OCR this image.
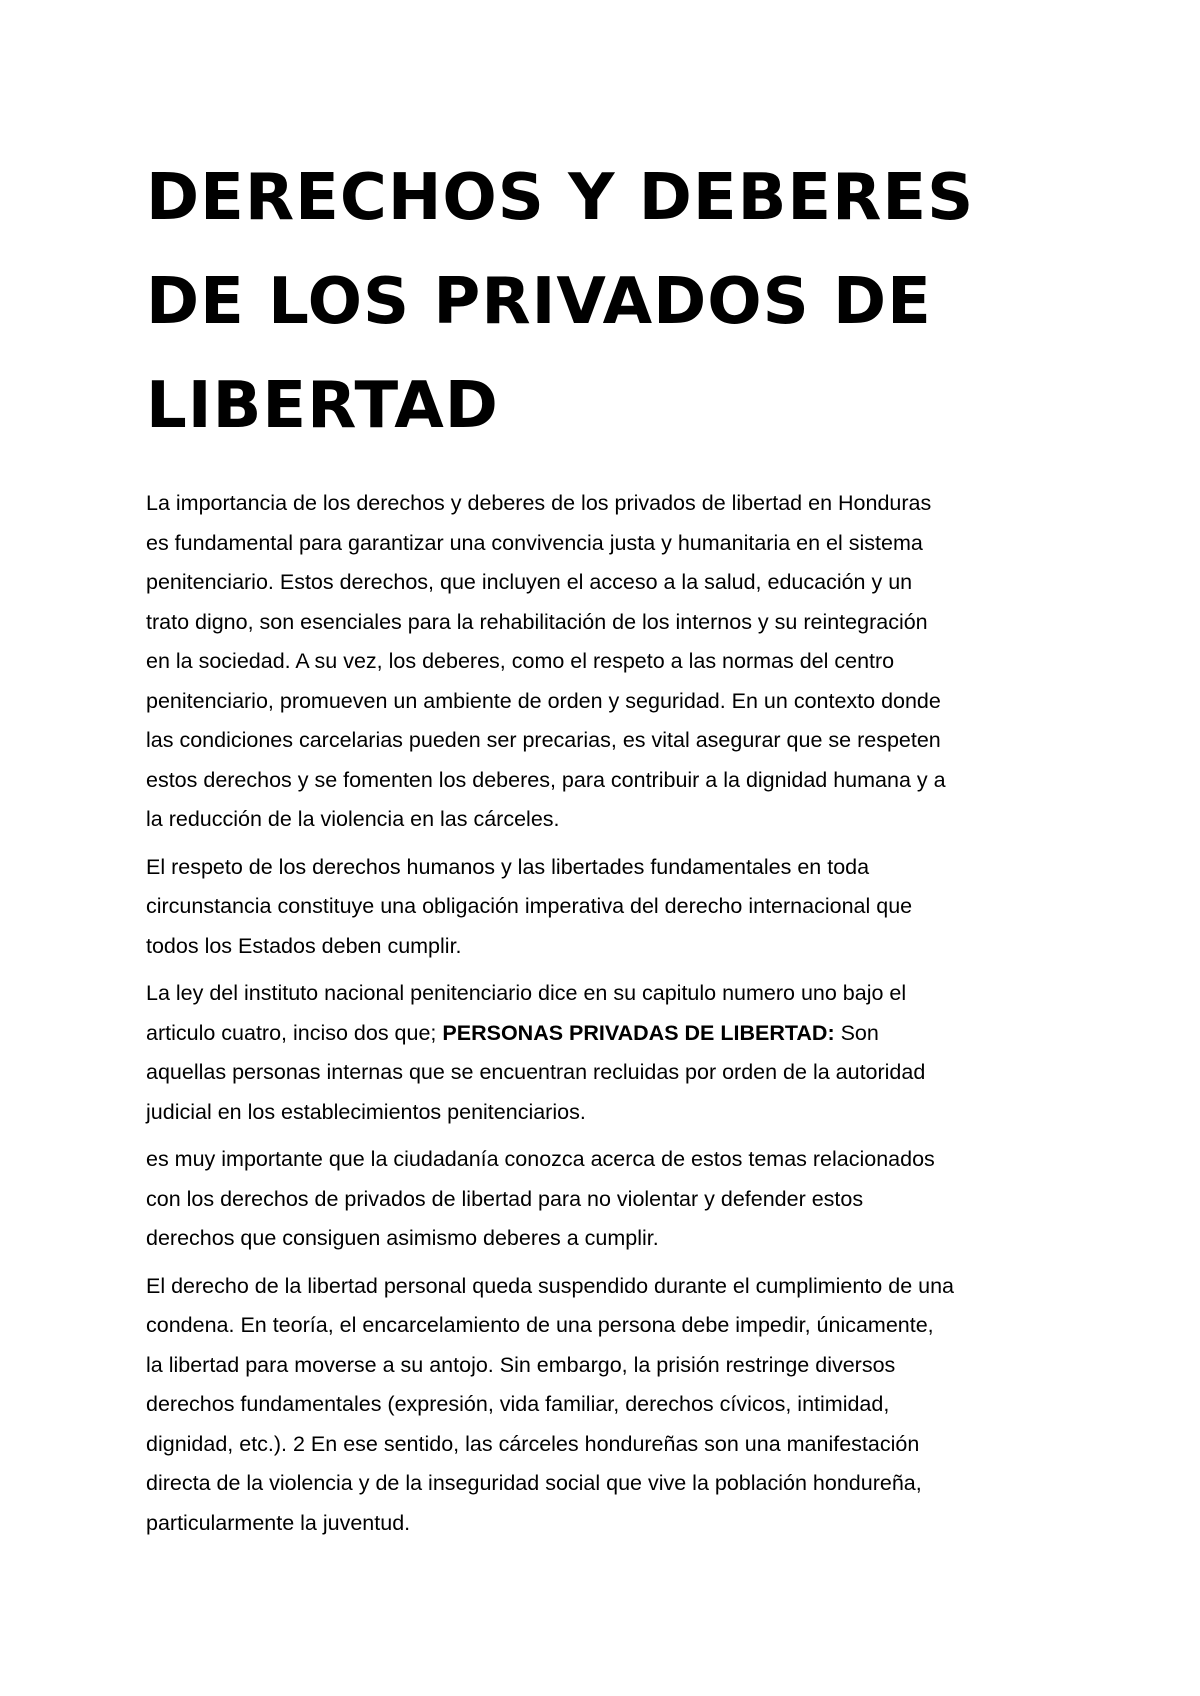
DERECHOS Y DEBERES
DE LOS PRIVADOS DE
LIBERTAD

La importancia de los derechos y deberes de los privados de libertad en Honduras
es fundamental para garantizar una convivencia justa y humanitaria en el sistema
penitenciario. Estos derechos, que incluyen el acceso a la salud, educación y un
trato digno, son esenciales para la rehabilitación de los internos y su reintegración
en la sociedad. A su vez, los deberes, como el respeto a las normas del centro
penitenciario, promueven un ambiente de orden y seguridad. En un contexto donde
las condiciones carcelarias pueden ser precarias, es vital asegurar que se respeten
estos derechos y se fomenten los deberes, para contribuir a la dignidad humana y a
la reducción de la violencia en las cárceles.

El respeto de los derechos humanos y las libertades fundamentales en toda
circunstancia constituye una obligación imperativa del derecho internacional que
todos los Estados deben cumplir.

La ley del instituto nacional penitenciario dice en su capitulo numero uno bajo el
articulo cuatro, inciso dos que; PERSONAS PRIVADAS DE LIBERTAD: Son
aquellas personas internas que se encuentran recluidas por orden de la autoridad
judicial en los establecimientos penitenciarios.

es muy importante que la ciudadanía conozca acerca de estos temas relacionados
con los derechos de privados de libertad para no violentar y defender estos
derechos que consiguen asimismo deberes a cumplir.

El derecho de la libertad personal queda suspendido durante el cumplimiento de una
condena. En teoría, el encarcelamiento de una persona debe impedir, únicamente,
la libertad para moverse a su antojo. Sin embargo, la prisión restringe diversos
derechos fundamentales (expresión, vida familiar, derechos cívicos, intimidad,
dignidad, etc.). 2 En ese sentido, las cárceles hondureñas son una manifestación
directa de la violencia y de la inseguridad social que vive la población hondureña,
particularmente la juventud.
